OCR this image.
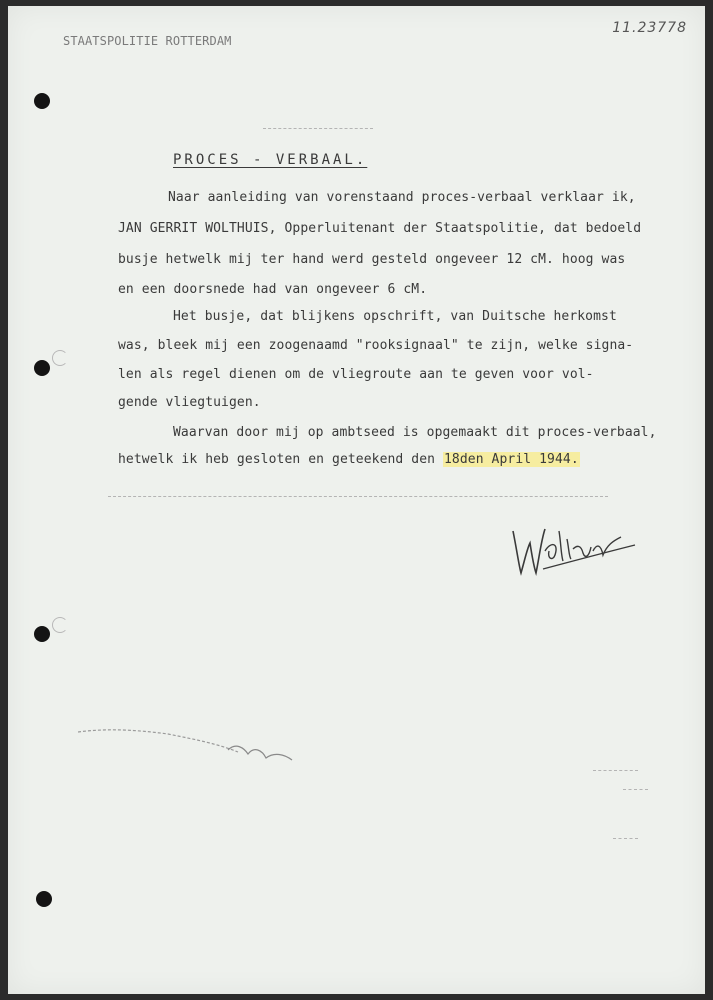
STAATSPOLITIE ROTTERDAM
11.23778
PROCES - VERBAAL.
Naar aanleiding van vorenstaand proces-verbaal verklaar ik,
JAN GERRIT WOLTHUIS, Opperluitenant der Staatspolitie, dat bedoeld
busje hetwelk mij ter hand werd gesteld ongeveer 12 cM. hoog was
en een doorsnede had van ongeveer 6 cM.
Het busje, dat blijkens opschrift, van Duitsche herkomst
was, bleek mij een zoogenaamd "rooksignaal" te zijn, welke signa-
len als regel dienen om de vliegroute aan te geven voor vol-
gende vliegtuigen.
Waarvan door mij op ambtseed is opgemaakt dit proces-verbaal,
hetwelk ik heb gesloten en geteekend den 18den April 1944.
